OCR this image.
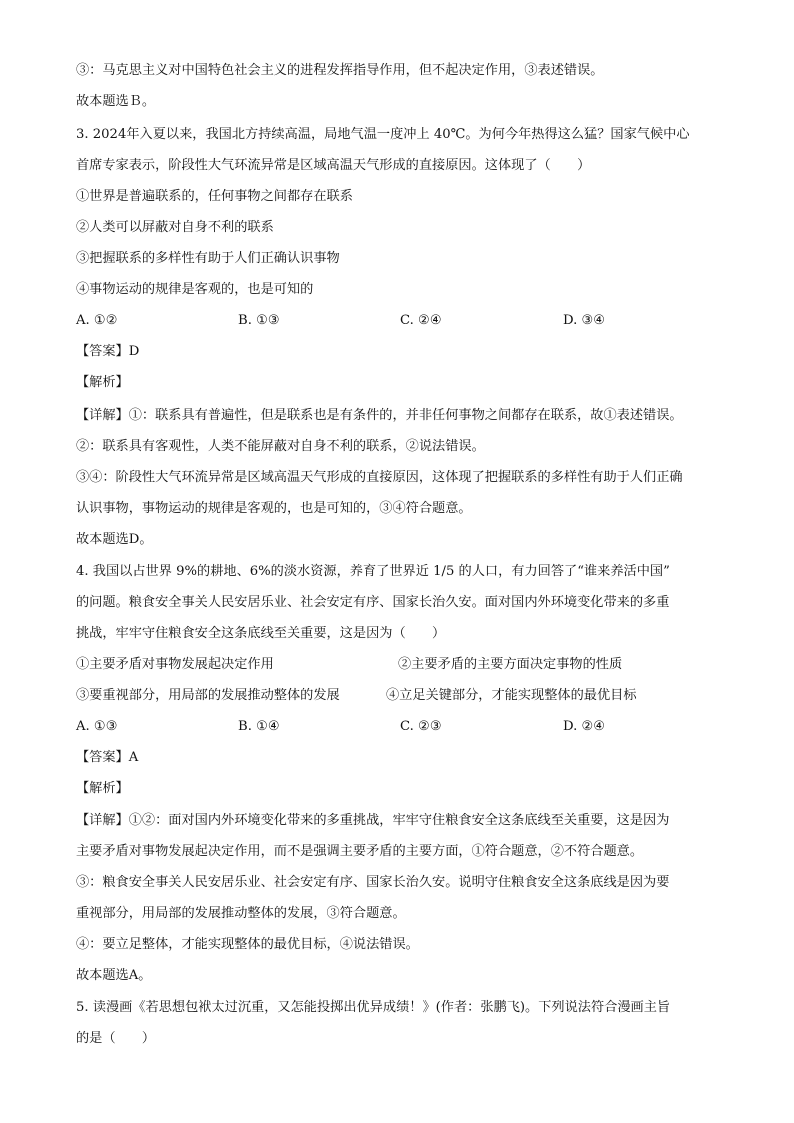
③：马克思主义对中国特色社会主义的进程发挥指导作用，但不起决定作用，③表述错误。
故本题选Ｂ。
3. 2024年入夏以来，我国北方持续高温，局地气温一度冲上 40℃。为何今年热得这么猛？国家气候中心
首席专家表示，阶段性大气环流异常是区域高温天气形成的直接原因。这体现了（　　）
①世界是普遍联系的，任何事物之间都存在联系
②人类可以屏蔽对自身不利的联系
③把握联系的多样性有助于人们正确认识事物
④事物运动的规律是客观的，也是可知的
A. ①②	B. ①③	C. ②④	D. ③④
【答案】D
【解析】
【详解】①：联系具有普遍性，但是联系也是有条件的，并非任何事物之间都存在联系，故①表述错误。
②：联系具有客观性，人类不能屏蔽对自身不利的联系，②说法错误。
③④：阶段性大气环流异常是区域高温天气形成的直接原因，这体现了把握联系的多样性有助于人们正确
认识事物，事物运动的规律是客观的，也是可知的，③④符合题意。
故本题选D。
4. 我国以占世界 9%的耕地、6%的淡水资源，养育了世界近 1/5 的人口，有力回答了“谁来养活中国”
的问题。粮食安全事关人民安居乐业、社会安定有序、国家长治久安。面对国内外环境变化带来的多重
挑战，牢牢守住粮食安全这条底线至关重要，这是因为（　　）
①主要矛盾对事物发展起决定作用	②主要矛盾的主要方面决定事物的性质
③要重视部分，用局部的发展推动整体的发展	④立足关键部分，才能实现整体的最优目标
A. ①③	B. ①④	C. ②③	D. ②④
【答案】A
【解析】
【详解】①②：面对国内外环境变化带来的多重挑战，牢牢守住粮食安全这条底线至关重要，这是因为
主要矛盾对事物发展起决定作用，而不是强调主要矛盾的主要方面，①符合题意，②不符合题意。
③：粮食安全事关人民安居乐业、社会安定有序、国家长治久安。说明守住粮食安全这条底线是因为要
重视部分，用局部的发展推动整体的发展，③符合题意。
④：要立足整体，才能实现整体的最优目标，④说法错误。
故本题选A。
5. 读漫画《若思想包袱太过沉重，又怎能投掷出优异成绩！》(作者：张鹏飞)。下列说法符合漫画主旨
的是（　　）
